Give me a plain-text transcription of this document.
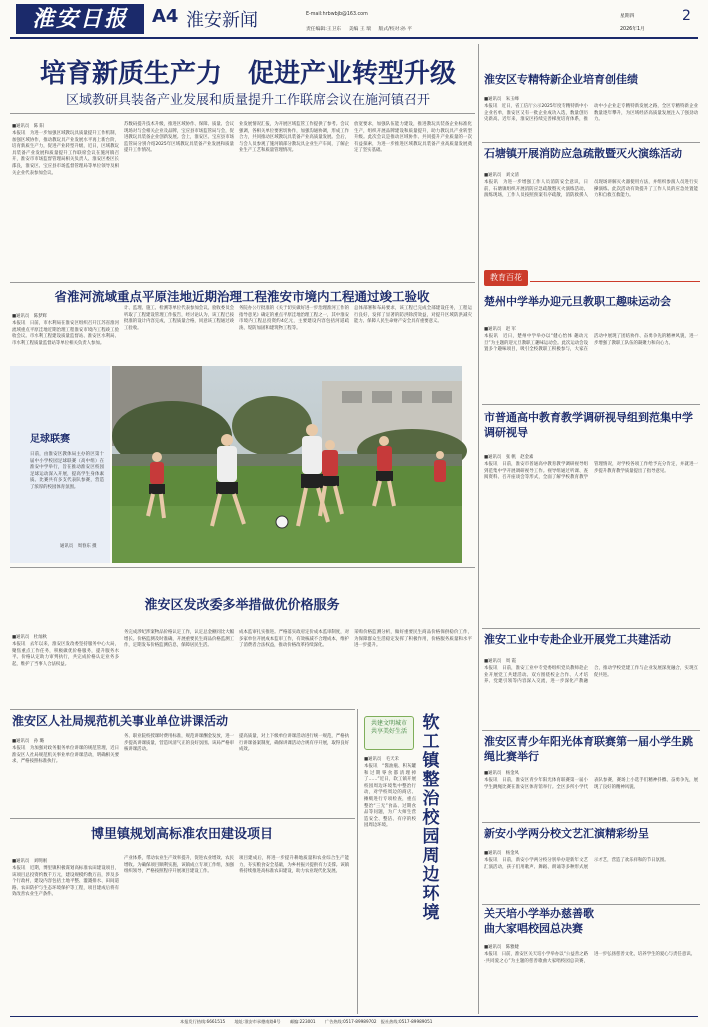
淮安日报	A4 淮安新闻	E-mail:hrbwbjb@163.com
责任编辑:王卫东 美编 王 瑞 版式/校对:孙 平
星期四
2026年1月
2
培育新质生产力　促进产业转型升级
区域教研具装备产业发展和质量提升工作联席会议在施河镇召开
■通讯员　陈 阳

本报讯　为进一步加强区域教玩具质量提升工作机制，加强区域协作，推动教玩具产业发展水平再上新台阶，培育新质生产力，促进产业转型升级，近日，区域教玩具装备产业发展和质量提升工作联席会议在施河镇召开，淮安市市场监督管理局相关负责人、淮安区委区长邵良，淮安区、宝应县市场监督管理局等单位领导及相关企业代表参加会议。

苏数码提升技术升级，推进区域协作、保障、质量、会议现场对与会相关企业及品牌，宝应县市场监管局与会，促进教玩具装备企业创新发展。会上，淮安区、宝应县市场监管局分别介绍2025年区域教玩具装备产业发展和质量提升工作情况。

业发展情况汇报，为开展区域监管工作提供了参考。会议强调，各相关单位要密切协作，加强沟通协调，形成工作合力，共同推动区域教玩具装备产业高质量发展。会后，与会人员参观了施河镇部分教玩具企业生产车间，了解企业生产工艺和质量管理情况。

放宽要求，加强队伍能力建设，推进教玩具装备企业标准化生产，组织开展品牌建设和质量提升，助力教玩具产业转型升级。此次会议是推动区域协作、共同提升产业质量的一次有益探索，为进一步推进区域教玩具装备产业高质量发展奠定了坚实基础。

省淮河流域重点平原洼地近期治理工程淮安市境内工程通过竣工验收
■通讯员　陈梦辉

本报讯　日前，市水利局在淮安区组织召开江苏省淮河流域重点平原洼地近期治理工程淮安市境内工程竣工验收会议。市水利工程建设质量监督站、淮安区水利局、市水利工程质量监督站等单位相关负责人参加。

计、监理、施工、检测等单位代表参加会议。验收委员会听取了工程建设管理工作报告，经讨论认为，该工程已按批准的设计内容完成，工程质量合格，同意该工程通过竣工验收。

务院办公厅批准的《关于切实做好进一步治理淮河工作的指导意见》确定的重点平原洼地治理工程之一，其中淮安市境内工程总投资约4亿元，主要建设内容包括河道疏浚、堤防加固和建筑物工程等。

总体部署和布局要求，该工程已完成全部建设任务，工程运行良好，发挥了显著的防洪除涝效益，对提升区域防洪减灾能力、保障人民生命财产安全具有重要意义。

足球联赛
日前，由淮安区教体局主办的区第十届中小学校园足球联赛（高中组）在淮安中学举行，旨在推动淮安区校园足球运动深入开展，提高学生身体素质。比赛共有多支代表队参赛，营造了浓厚的校园体育氛围。
通讯员　周春东 摄
淮安区发改委多举措做优价格服务
■通讯员　杜灿秋

本报讯　去年以来，淮安区发改委坚持服务中心大局，聚焦重点工作任务，积极做优价格服务，提升服务水平。价格认定助力审判执行，共完成价格认定业务多起，维护了当事人合法权益。

务完成涉纪涉案物品价格认定工作，认定总金额同比大幅增长。价格监测及时准确，开展重要民生商品价格监测工作，定期发布价格监测信息，保障居民生活。

成本监审扎实推进。严格落实政府定价成本监审制度，对多家单位开展成本监审工作，有效核减不合理成本，维护了消费者合法权益，推动价格改革持续深化。

采购价格监测分析，做好重要民生商品价格保供稳价工作，为保障群众生活稳定发挥了积极作用，价格服务质量和水平进一步提升。

淮安区人社局规范机关事业单位讲课活动
■通讯员　孙 璐

本报讯　为加强对政务服务单位讲课的规范管理，近日淮安区人社局规范机关事业单位讲课活动，明确相关要求，严格按照标准执行。

务、职业院校授课时费用标准，规范讲课酬金发放，进一步提高讲课质量，营造风清气正的良好氛围。该局严格审核讲课活动。

提高质量，对上下级单位讲课活动进行统一规范，严格执行讲课备案制度，确保讲课活动合规有序开展，取得良好成效。

博里镇规划高标准农田建设项目
■通讯员　刘明刚

本报讯　近期，博里镇积极谋划高标准农田建设项目，该项目总投资约数千万元，建设规模约数万亩，涉及多个行政村，建设内容包括土地平整、灌溉排水、田间道路、农田防护与生态环境保护等工程，项目建成后将有效改善农业生产条件。

产业体系，带动农业生产效率提升，促进农业增效、农民增收。为确保项目顺利实施，该镇成立专项工作组，加强组织领导，严格按照程序开展项目建设工作。

项目建成后，将进一步提升耕地质量和农业综合生产能力，夯实粮食安全基础，为乡村振兴提供有力支撑。该镇将持续推进高标准农田建设，助力农业现代化发展。

共建文明城市 共享美好生活 软工镇整治校园周边环境
■通讯员　毛天禾

本报讯　“酱油瓶、积灰罐和过期零食都清理掉了……”近日，软工镇开展校园周边环境集中整治行动，对学校周边的商店、摊贩进行专项检查，重点整治“三无”食品、过期食品等问题，为广大师生营造安全、整洁、有序的校园周边环境。

淮安区专精特新企业培育创佳绩
■通讯员　朱玉峰

本报讯　近日，省工信厅公示2025年度专精特新中小企业名单，淮安区又有一批企业成功入选，数量创历史新高。近年来，淮安区持续完善梯度培育体系，推动中小企业走专精特新发展之路，全区专精特新企业数量逐年攀升，为区域经济高质量发展注入了强劲动力。

石塘镇开展消防应急疏散暨灭火演练活动
■通讯员　刘文清

本报讯　为进一步增强工作人员消防安全意识，日前，石塘镇组织开展消防应急疏散暨灭火演练活动。演练现场，工作人员按照预案有序疏散，消防救援人员现场讲解灭火器使用方法，并组织参演人员进行实操演练。此次活动有效提升了工作人员的应急处置能力和自救互救能力。

教育百花
楚州中学举办迎元旦教职工趣味运动会
■通讯员　赵 军

本报讯　近日，楚州中学举办以“健心怡体 趣动元旦”为主题的迎元旦教职工趣味运动会。此次运动会设置多个趣味项目，吸引全校教职工积极参与，大家在活动中展现了团结协作、奋勇争先的精神风貌，进一步增强了教职工队伍的凝聚力和向心力。

市普通高中教育教学调研视导组到范集中学调研视导
■通讯员　张 帆　赵金素

本报讯　日前，淮安市普通高中教育教学调研视导组到范集中学开展调研视导工作。视导组通过听课、查阅资料、召开座谈会等形式，全面了解学校教育教学管理情况，对学校各项工作给予充分肯定，并就进一步提升教育教学质量提出了指导意见。

淮安工业中专赴企业开展党工共建活动
■通讯员　周 霞

本报讯　日前，淮安工业中专党委组织党员教师赴企业开展党工共建活动。双方围绕校企合作、人才培养、党建引领等内容深入交流，进一步深化产教融合，推动学校党建工作与企业发展深度融合，实现互促共进。

淮安区青少年阳光体育联赛第一届小学生跳绳比赛举行
■通讯员　杨金凤

本报讯　日前，淮安区青少年阳光体育联赛第一届小学生跳绳比赛在淮安区体育馆举行。全区多所小学代表队参赛，赛场上小选手们精神抖擞、奋勇争先，展现了良好的精神风貌。

新安小学两分校文艺汇演精彩纷呈
■通讯员　杨金凤

本报讯　日前，新安小学两分校分别举办迎新年文艺汇演活动，孩子们用歌声、舞蹈、朗诵等多种形式展示才艺，营造了欢乐祥和的节日氛围。

关天培小学举办慈善歌曲大家唱校园总决赛
■通讯员　陈雅婕

本报讯　日前，淮安区关天培小学举办以“公益善之路·共同爱之心”为主题的慈善歌曲大家唱校园总决赛，进一步弘扬慈善文化，培养学生的爱心与责任意识。

本报发行热线:6661515 地址:淮安市承德南路8号 邮编:223001 广告热线:0517-89989702　报社热线:0517-89989051
